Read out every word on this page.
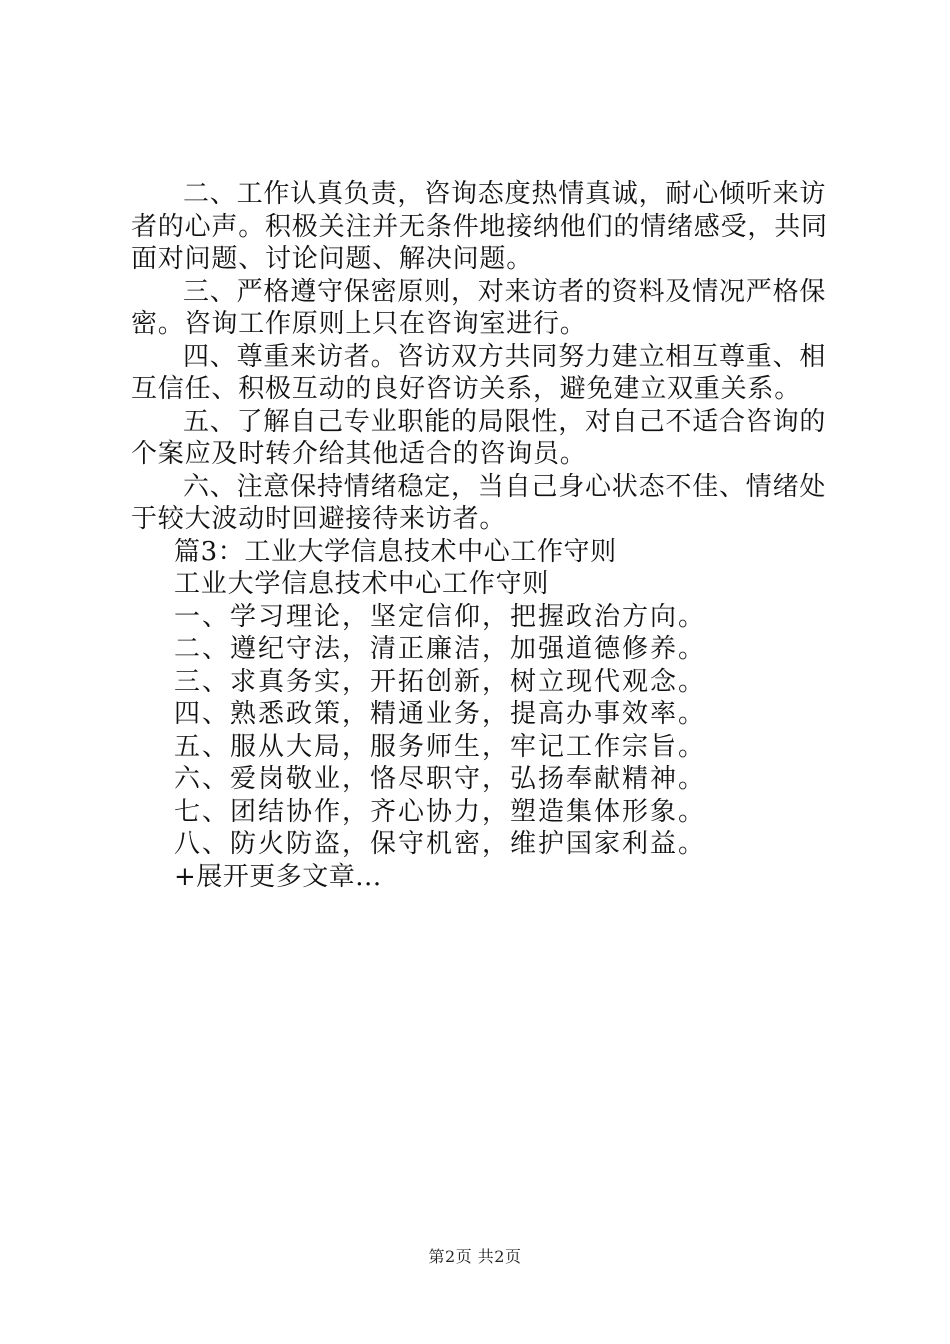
二、工作认真负责，咨询态度热情真诚，耐心倾听来访者的心声。积极关注并无条件地接纳他们的情绪感受，共同面对问题、讨论问题、解决问题。

三、严格遵守保密原则，对来访者的资料及情况严格保密。咨询工作原则上只在咨询室进行。

四、尊重来访者。咨访双方共同努力建立相互尊重、相互信任、积极互动的良好咨访关系，避免建立双重关系。

五、了解自己专业职能的局限性，对自己不适合咨询的个案应及时转介给其他适合的咨询员。

六、注意保持情绪稳定，当自己身心状态不佳、情绪处于较大波动时回避接待来访者。

篇3：工业大学信息技术中心工作守则

工业大学信息技术中心工作守则

一、学习理论，坚定信仰，把握政治方向。

二、遵纪守法，清正廉洁，加强道德修养。

三、求真务实，开拓创新，树立现代观念。

四、熟悉政策，精通业务，提高办事效率。

五、服从大局，服务师生，牢记工作宗旨。

六、爱岗敬业，恪尽职守，弘扬奉献精神。

七、团结协作，齐心协力，塑造集体形象。

八、防火防盗，保守机密，维护国家利益。

+展开更多文章...

第2页 共2页
